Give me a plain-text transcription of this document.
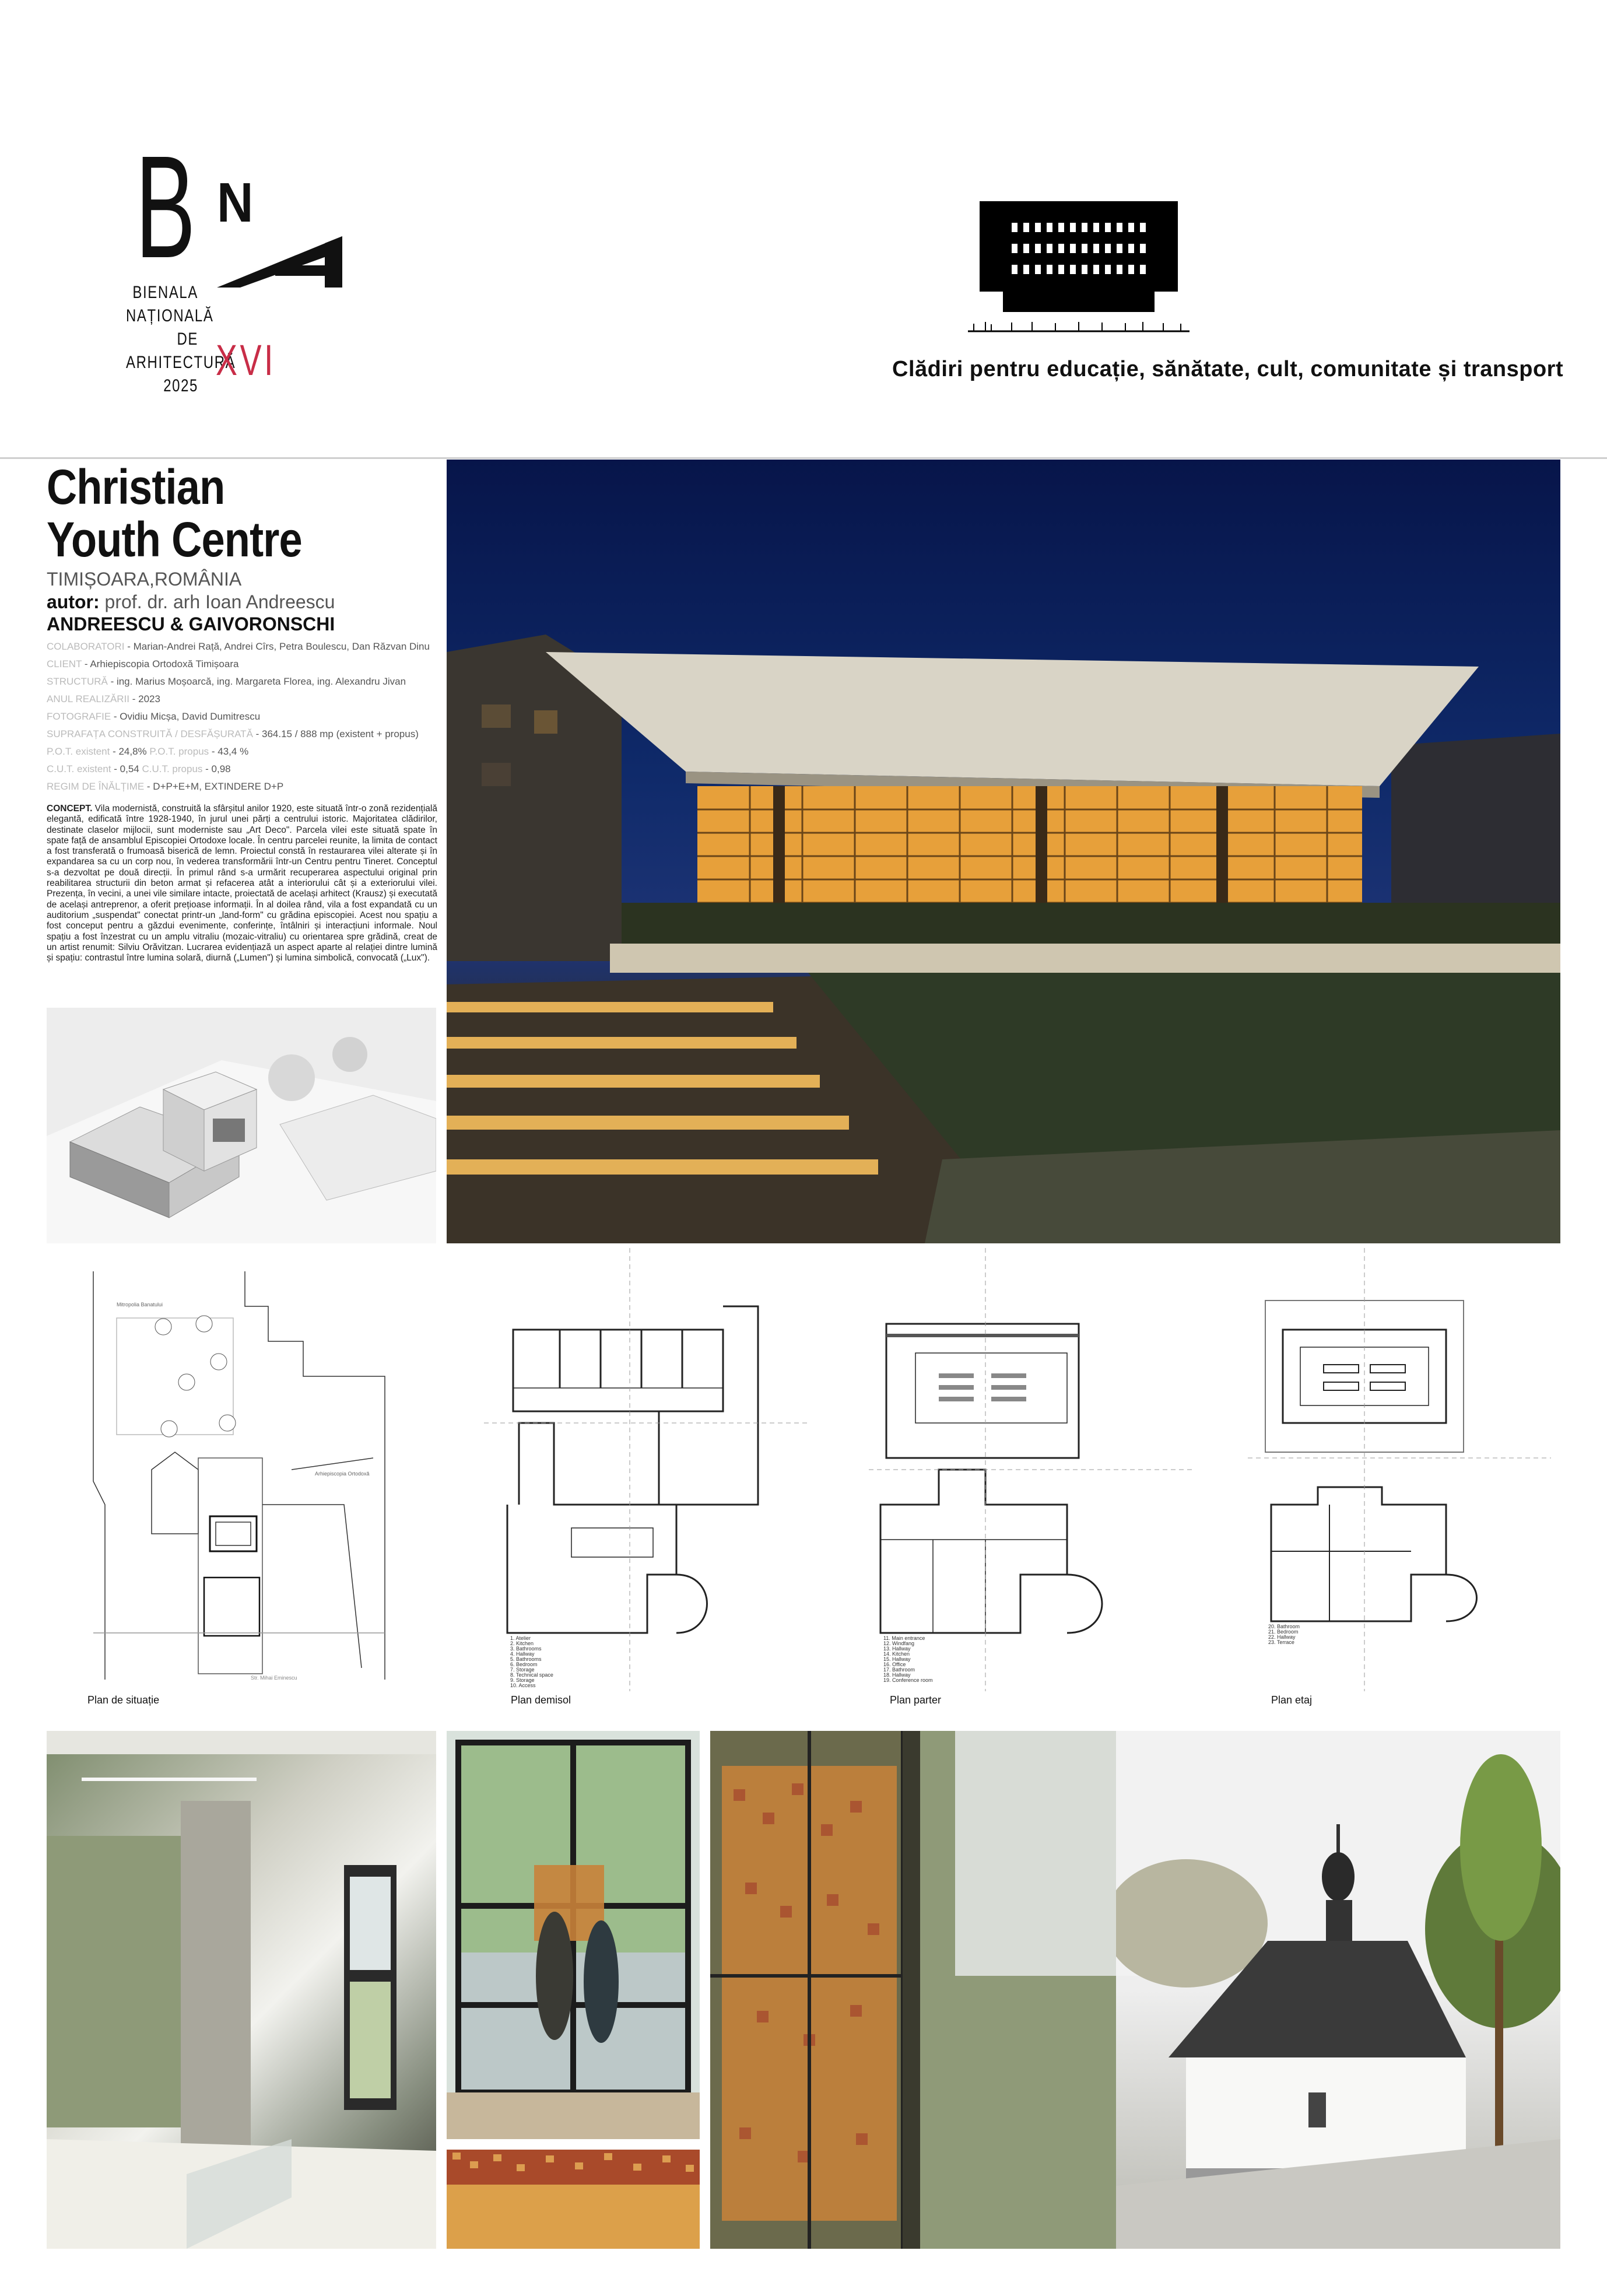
B N
BIENALA
NAȚIONALĂ
DE
ARHITECTURĂ
2025
XVI	Clădiri pentru educație, sănătate, cult, comunitate și transport
Christian
Youth Centre
TIMIȘOARA,ROMÂNIA
autor: prof. dr. arh Ioan Andreescu
ANDREESCU & GAIVORONSCHI
COLABORATORI - Marian-Andrei Rață, Andrei Cîrs, Petra Boulescu, Dan Răzvan Dinu
CLIENT - Arhiepiscopia Ortodoxă Timișoara
STRUCTURĂ - ing. Marius Moșoarcă, ing. Margareta Florea, ing. Alexandru Jivan
ANUL REALIZĂRII - 2023
FOTOGRAFIE - Ovidiu Micșa, David Dumitrescu
SUPRAFAȚA CONSTRUITĂ / DESFĂȘURATĂ - 364.15 / 888 mp (existent + propus)
P.O.T. existent - 24,8% P.O.T. propus - 43,4 %
C.U.T. existent - 0,54 C.U.T. propus - 0,98
REGIM DE ÎNĂLȚIME - D+P+E+M, EXTINDERE D+P
CONCEPT. Vila modernistă, construită la sfârșitul anilor 1920, este situată într-o zonă rezidențială elegantă, edificată între 1928-1940, în jurul unei părți a centrului istoric. Majoritatea clădirilor, destinate claselor mijlocii, sunt moderniste sau „Art Deco". Parcela vilei este situată spate în spate față de ansamblul Episcopiei Ortodoxe locale. În centru parcelei reunite, la limita de contact a fost transferată o frumoasă biserică de lemn. Proiectul constă în restaurarea vilei alterate și în expandarea sa cu un corp nou, în vederea transformării într-un Centru pentru Tineret. Conceptul s-a dezvoltat pe două direcții. În primul rând s-a urmărit recuperarea aspectului original prin reabilitarea structurii din beton armat și refacerea atât a interiorului cât și a exteriorului vilei. Prezența, în vecini, a unei vile similare intacte, proiectată de același arhitect (Krausz) și executată de același antreprenor, a oferit prețioase informații. În al doilea rând, vila a fost expandată cu un auditorium „suspendat" conectat printr-un „land-form" cu grădina episcopiei. Acest nou spațiu a fost conceput pentru a găzdui evenimente, conferințe, întâlniri și interacțiuni informale. Noul spațiu a fost înzestrat cu un amplu vitraliu (mozaic-vitraliu) cu orientarea spre grădină, creat de un artist renumit: Silviu Orăvitzan. Lucrarea evidențiază un aspect aparte al relației dintre lumină și spațiu: contrastul între lumina solară, diurnă („Lumen") și lumina simbolică, convocată („Lux").
Mitropolia Banatului
Arhiepiscopia Ortodoxă
Str. Mihai Eminescu
Plan de situație
1. Atelier
2. Kitchen
3. Bathrooms
4. Hallway
5. Bathrooms
6. Bedroom
7. Storage
8. Technical space
9. Storage
10. Access
Plan demisol
11. Main entrance
12. Windfang
13. Hallway
14. Kitchen
15. Hallway
16. Office
17. Bathroom
18. Hallway
19. Conference room
Plan parter
20. Bathroom
21. Bedroom
22. Hallway
23. Terrace
Plan etaj
